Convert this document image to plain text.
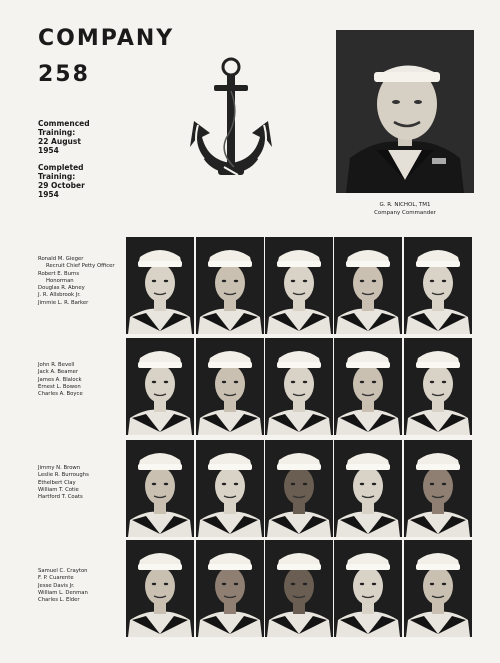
COMPANY
258
Commenced
Training:
22 August
1954
Completed
Training:
29 October
1954
G. R. NICHOL, TM1
Company Commander
Ronald M. Gieger
Recruit Chief Petty Officer
Robert E. Burns
Honorman
Douglas R. Abney
J. R. Allsbrook Jr.
Jimmie L. R. Barker
John R. Bevell
Jack A. Beamer
James A. Blalock
Ernest L. Bowen
Charles A. Boyce
Jimmy N. Brown
Leslie R. Burroughs
Ethelbert Clay
William T. Cotie
Hartford T. Coats
Samuel C. Crayton
F. P. Cuarente
Jesse Davis Jr.
William L. Denman
Charles L. Elder
